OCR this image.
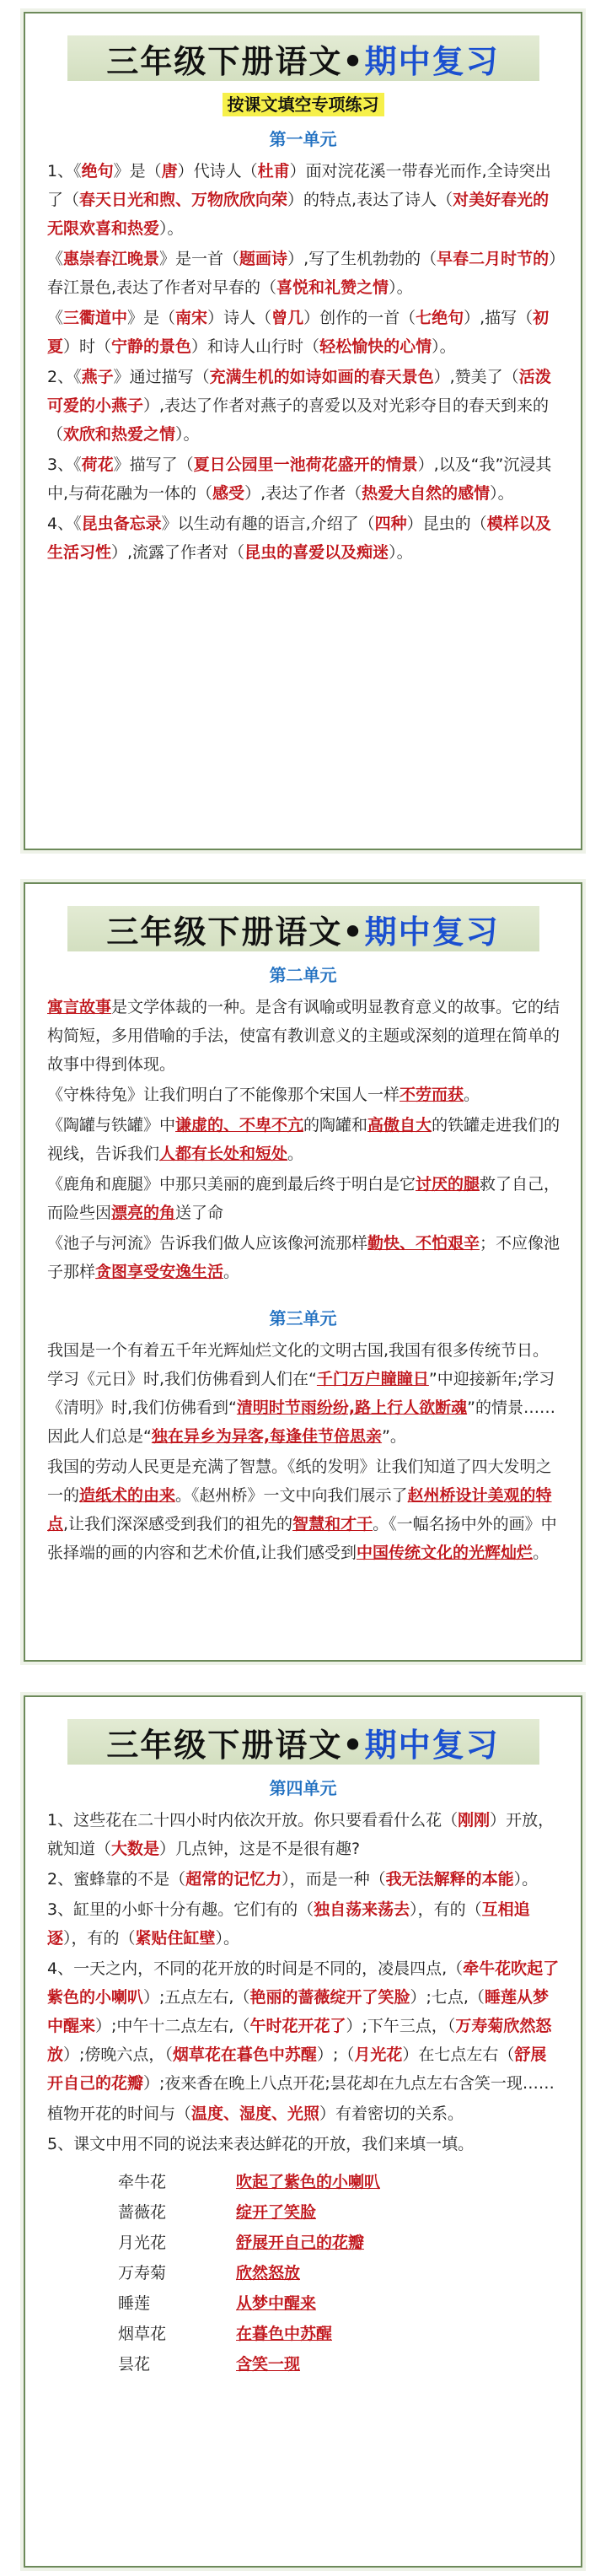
三年级下册语文• 期中复习
按课文填空专项练习
第一单元

1、《绝句》是（唐）代诗人（杜甫）面对浣花溪一带春光而作,全诗突出了（春天日光和煦、万物欣欣向荣）的特点,表达了诗人（对美好春光的无限欢喜和热爱）。

《惠崇春江晚景》是一首（题画诗）,写了生机勃勃的（早春二月时节的）春江景色,表达了作者对早春的（喜悦和礼赞之情）。

《三衢道中》是（南宋）诗人（曾几）创作的一首（七绝句）,描写（初夏）时（宁静的景色）和诗人山行时（轻松愉快的心情）。

2、《燕子》通过描写（充满生机的如诗如画的春天景色）,赞美了（活泼可爱的小燕子）,表达了作者对燕子的喜爱以及对光彩夺目的春天到来的（欢欣和热爱之情）。

3、《荷花》描写了（夏日公园里一池荷花盛开的情景）,以及“我”沉浸其中,与荷花融为一体的（感受）,表达了作者（热爱大自然的感情）。

4、《昆虫备忘录》以生动有趣的语言,介绍了（四种）昆虫的（模样以及生活习性）,流露了作者对（昆虫的喜爱以及痴迷）。

三年级下册语文• 期中复习
第二单元

寓言故事是文学体裁的一种。是含有讽喻或明显教育意义的故事。它的结构简短，多用借喻的手法，使富有教训意义的主题或深刻的道理在简单的故事中得到体现。

《守株待兔》让我们明白了不能像那个宋国人一样不劳而获。

《陶罐与铁罐》中谦虚的、不卑不亢的陶罐和高傲自大的铁罐走进我们的视线，告诉我们人都有长处和短处。

《鹿角和鹿腿》中那只美丽的鹿到最后终于明白是它讨厌的腿救了自己，而险些因漂亮的角送了命

《池子与河流》告诉我们做人应该像河流那样勤快、不怕艰辛；不应像池子那样贪图享受安逸生活。

第三单元

我国是一个有着五千年光辉灿烂文化的文明古国,我国有很多传统节日。学习《元日》时,我们仿佛看到人们在“千门万户瞳瞳日”中迎接新年;学习《清明》时,我们仿佛看到“清明时节雨纷纷,路上行人欲断魂”的情景……因此人们总是“独在异乡为异客,每逢佳节倍思亲”。

我国的劳动人民更是充满了智慧。《纸的发明》让我们知道了四大发明之一的造纸术的由来。《赵州桥》一文中向我们展示了赵州桥设计美观的特点,让我们深深感受到我们的祖先的智慧和才干。《一幅名扬中外的画》中张择端的画的内容和艺术价值,让我们感受到中国传统文化的光辉灿烂。

三年级下册语文• 期中复习
第四单元

1、这些花在二十四小时内依次开放。你只要看看什么花（刚刚）开放，就知道（大数是）几点钟，这是不是很有趣?

2、蜜蜂靠的不是（超常的记忆力），而是一种（我无法解释的本能）。

3、缸里的小虾十分有趣。它们有的（独自荡来荡去），有的（互相追逐），有的（紧贴住缸壁）。

4、一天之内，不同的花开放的时间是不同的，凌晨四点,（牵牛花吹起了紫色的小喇叭）;五点左右,（艳丽的蔷薇绽开了笑脸）;七点,（睡莲从梦中醒来）;中午十二点左右,（午时花开花了）;下午三点，（万寿菊欣然怒放）;傍晚六点，（烟草花在暮色中苏醒）;（月光花）在七点左右（舒展开自己的花瓣）;夜来香在晚上八点开花;昙花却在九点左右含笑一现……

植物开花的时间与（温度、湿度、光照）有着密切的关系。

5、课文中用不同的说法来表达鲜花的开放，我们来填一填。

牵牛花	吹起了紫色的小喇叭
蔷薇花	绽开了笑脸
月光花	舒展开自己的花瓣
万寿菊	欣然怒放
睡莲	从梦中醒来
烟草花	在暮色中苏醒
昙花	含笑一现
